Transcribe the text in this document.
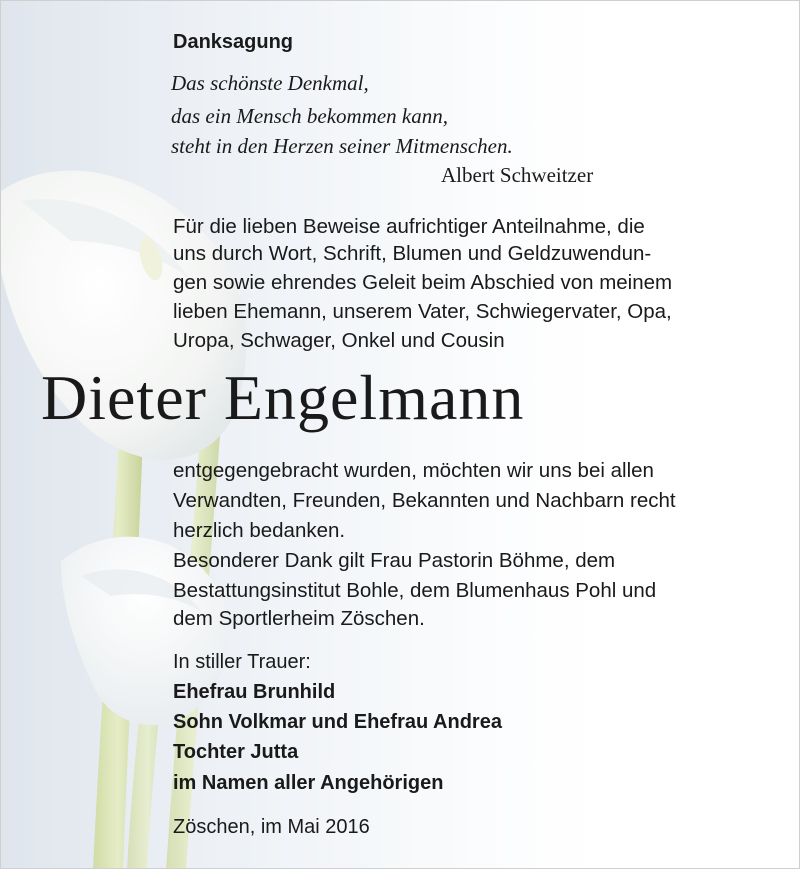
Danksagung
Das schönste Denkmal,
das ein Mensch bekommen kann,
steht in den Herzen seiner Mitmenschen.
Albert Schweitzer
Für die lieben Beweise aufrichtiger Anteilnahme, die
uns durch Wort, Schrift, Blumen und Geldzuwendun-
gen sowie ehrendes Geleit beim Abschied von meinem
lieben Ehemann, unserem Vater, Schwiegervater, Opa,
Uropa, Schwager, Onkel und Cousin
Dieter Engelmann
entgegengebracht wurden, möchten wir uns bei allen
Verwandten, Freunden, Bekannten und Nachbarn recht
herzlich bedanken.
Besonderer Dank gilt Frau Pastorin Böhme, dem
Bestattungsinstitut Bohle, dem Blumenhaus Pohl und
dem Sportlerheim Zöschen.
In stiller Trauer:
Ehefrau Brunhild
Sohn Volkmar und Ehefrau Andrea
Tochter Jutta
im Namen aller Angehörigen
Zöschen, im Mai 2016
